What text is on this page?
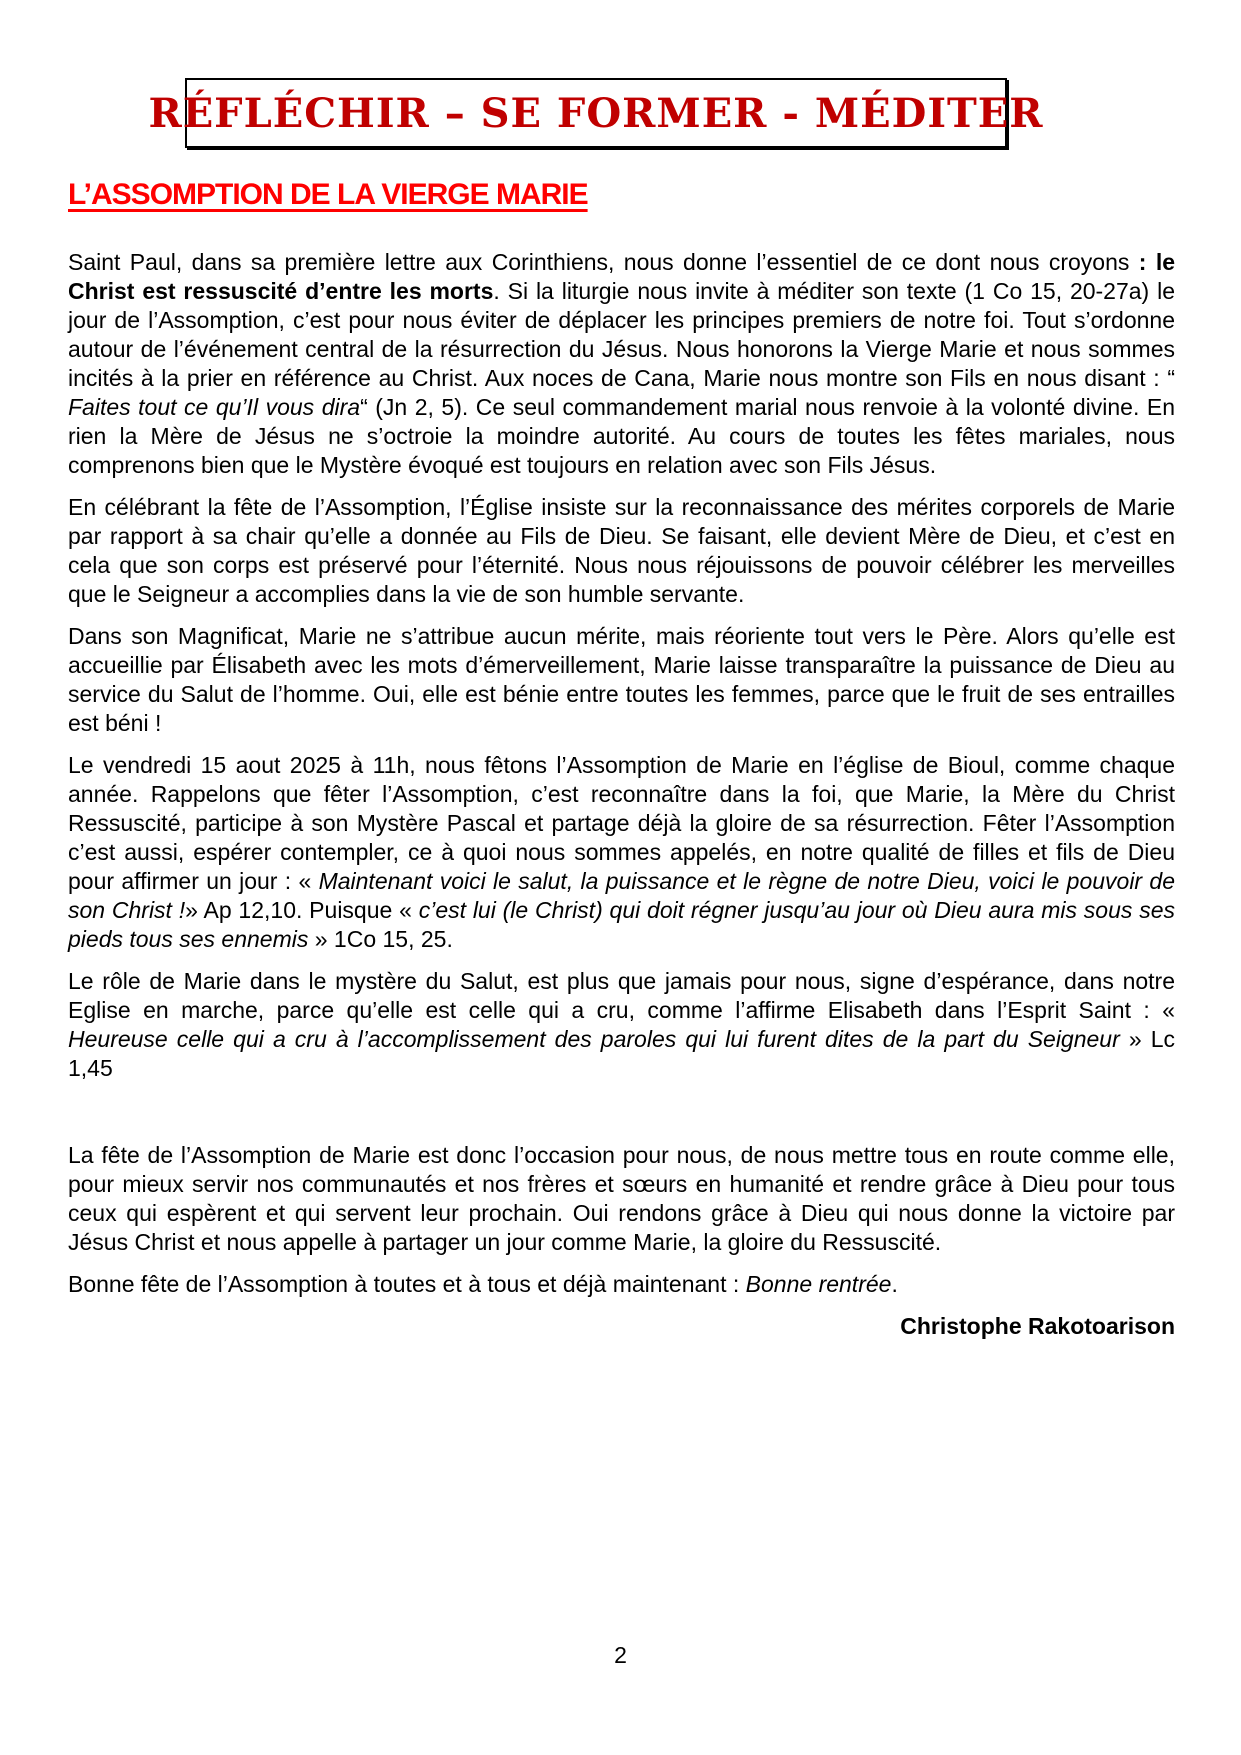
RÉFLÉCHIR – SE FORMER - MÉDITER
L’ASSOMPTION DE LA VIERGE MARIE

Saint Paul, dans sa première lettre aux Corinthiens, nous donne l’essentiel de ce dont nous croyons : le Christ est ressuscité d’entre les morts. Si la liturgie nous invite à méditer son texte (1 Co 15, 20-27a) le jour de l’Assomption, c’est pour nous éviter de déplacer les principes premiers de notre foi. Tout s’ordonne autour de l’événement central de la résurrection du Jésus. Nous honorons la Vierge Marie et nous sommes incités à la prier en référence au Christ. Aux noces de Cana, Marie nous montre son Fils en nous disant : “ Faites tout ce qu’Il vous dira“ (Jn 2, 5). Ce seul commandement marial nous renvoie à la volonté divine. En rien la Mère de Jésus ne s’octroie la moindre autorité. Au cours de toutes les fêtes mariales, nous comprenons bien que le Mystère évoqué est toujours en relation avec son Fils Jésus.

En célébrant la fête de l’Assomption, l’Église insiste sur la reconnaissance des mérites corporels de Marie par rapport à sa chair qu’elle a donnée au Fils de Dieu. Se faisant, elle devient Mère de Dieu, et c’est en cela que son corps est préservé pour l’éternité. Nous nous réjouissons de pouvoir célébrer les merveilles que le Seigneur a accomplies dans la vie de son humble servante.

Dans son Magnificat, Marie ne s’attribue aucun mérite, mais réoriente tout vers le Père. Alors qu’elle est accueillie par Élisabeth avec les mots d’émerveillement, Marie laisse transparaître la puissance de Dieu au service du Salut de l’homme. Oui, elle est bénie entre toutes les femmes, parce que le fruit de ses entrailles est béni !

Le vendredi 15 aout 2025 à 11h, nous fêtons l’Assomption de Marie en l’église de Bioul, comme chaque année. Rappelons que fêter l’Assomption, c’est reconnaître dans la foi, que Marie, la Mère du Christ Ressuscité, participe à son Mystère Pascal et partage déjà la gloire de sa résurrection. Fêter l’Assomption c’est aussi, espérer contempler, ce à quoi nous sommes appelés, en notre qualité de filles et fils de Dieu pour affirmer un jour : « Maintenant voici le salut, la puissance et le règne de notre Dieu, voici le pouvoir de son Christ !» Ap 12,10. Puisque « c’est lui (le Christ) qui doit régner jusqu’au jour où Dieu aura mis sous ses pieds tous ses ennemis » 1Co 15, 25.

Le rôle de Marie dans le mystère du Salut, est plus que jamais pour nous, signe d’espérance, dans notre Eglise en marche, parce qu’elle est celle qui a cru, comme l’affirme Elisabeth dans l’Esprit Saint : « Heureuse celle qui a cru à l’accomplissement des paroles qui lui furent dites de la part du Seigneur » Lc 1,45

La fête de l’Assomption de Marie est donc l’occasion pour nous, de nous mettre tous en route comme elle, pour mieux servir nos communautés et nos frères et sœurs en humanité et rendre grâce à Dieu pour tous ceux qui espèrent et qui servent leur prochain. Oui rendons grâce à Dieu qui nous donne la victoire par Jésus Christ et nous appelle à partager un jour comme Marie, la gloire du Ressuscité.

Bonne fête de l’Assomption à toutes et à tous et déjà maintenant : Bonne rentrée.

Christophe Rakotoarison
2
